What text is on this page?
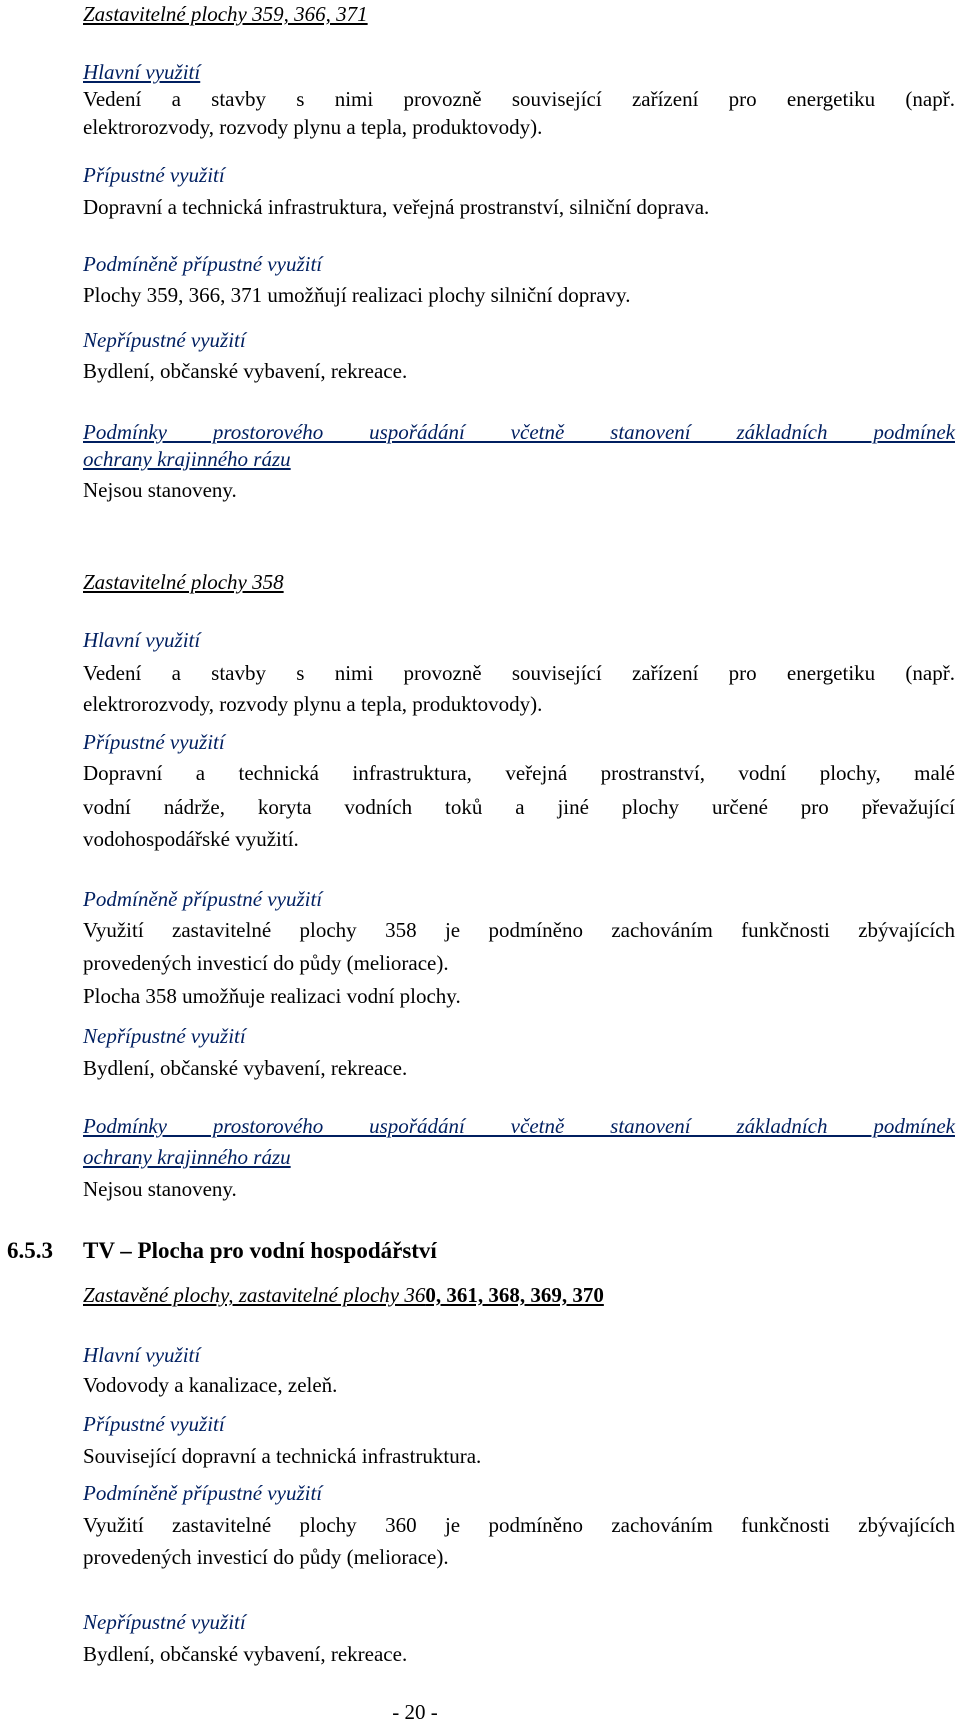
Zastavitelné plochy 359, 366, 371
Hlavní využití
Vedení a stavby s nimi provozně související zařízení pro energetiku (např.
elektrorozvody, rozvody plynu a tepla, produktovody).
Přípustné využití
Dopravní a technická infrastruktura, veřejná prostranství, silniční doprava.
Podmíněně přípustné využití
Plochy 359, 366, 371 umožňují realizaci plochy silniční dopravy.
Nepřípustné využití
Bydlení, občanské vybavení, rekreace.
Podmínky prostorového uspořádání včetně stanovení základních podmínek
ochrany krajinného rázu
Nejsou stanoveny.
Zastavitelné plochy 358
Hlavní využití
Vedení a stavby s nimi provozně související zařízení pro energetiku (např.
elektrorozvody, rozvody plynu a tepla, produktovody).
Přípustné využití
Dopravní a technická infrastruktura, veřejná prostranství, vodní plochy, malé
vodní nádrže, koryta vodních toků a jiné plochy určené pro převažující
vodohospodářské využití.
Podmíněně přípustné využití
Využití zastavitelné plochy 358 je podmíněno zachováním funkčnosti zbývajících
provedených investicí do půdy (meliorace).
Plocha 358 umožňuje realizaci vodní plochy.
Nepřípustné využití
Bydlení, občanské vybavení, rekreace.
Podmínky prostorového uspořádání včetně stanovení základních podmínek
ochrany krajinného rázu
Nejsou stanoveny.
6.5.3 TV – Plocha pro vodní hospodářství
Zastavěné plochy, zastavitelné plochy 360, 361, 368, 369, 370
Hlavní využití
Vodovody a kanalizace, zeleň.
Přípustné využití
Související dopravní a technická infrastruktura.
Podmíněně přípustné využití
Využití zastavitelné plochy 360 je podmíněno zachováním funkčnosti zbývajících
provedených investicí do půdy (meliorace).
Nepřípustné využití
Bydlení, občanské vybavení, rekreace.
- 20 -
